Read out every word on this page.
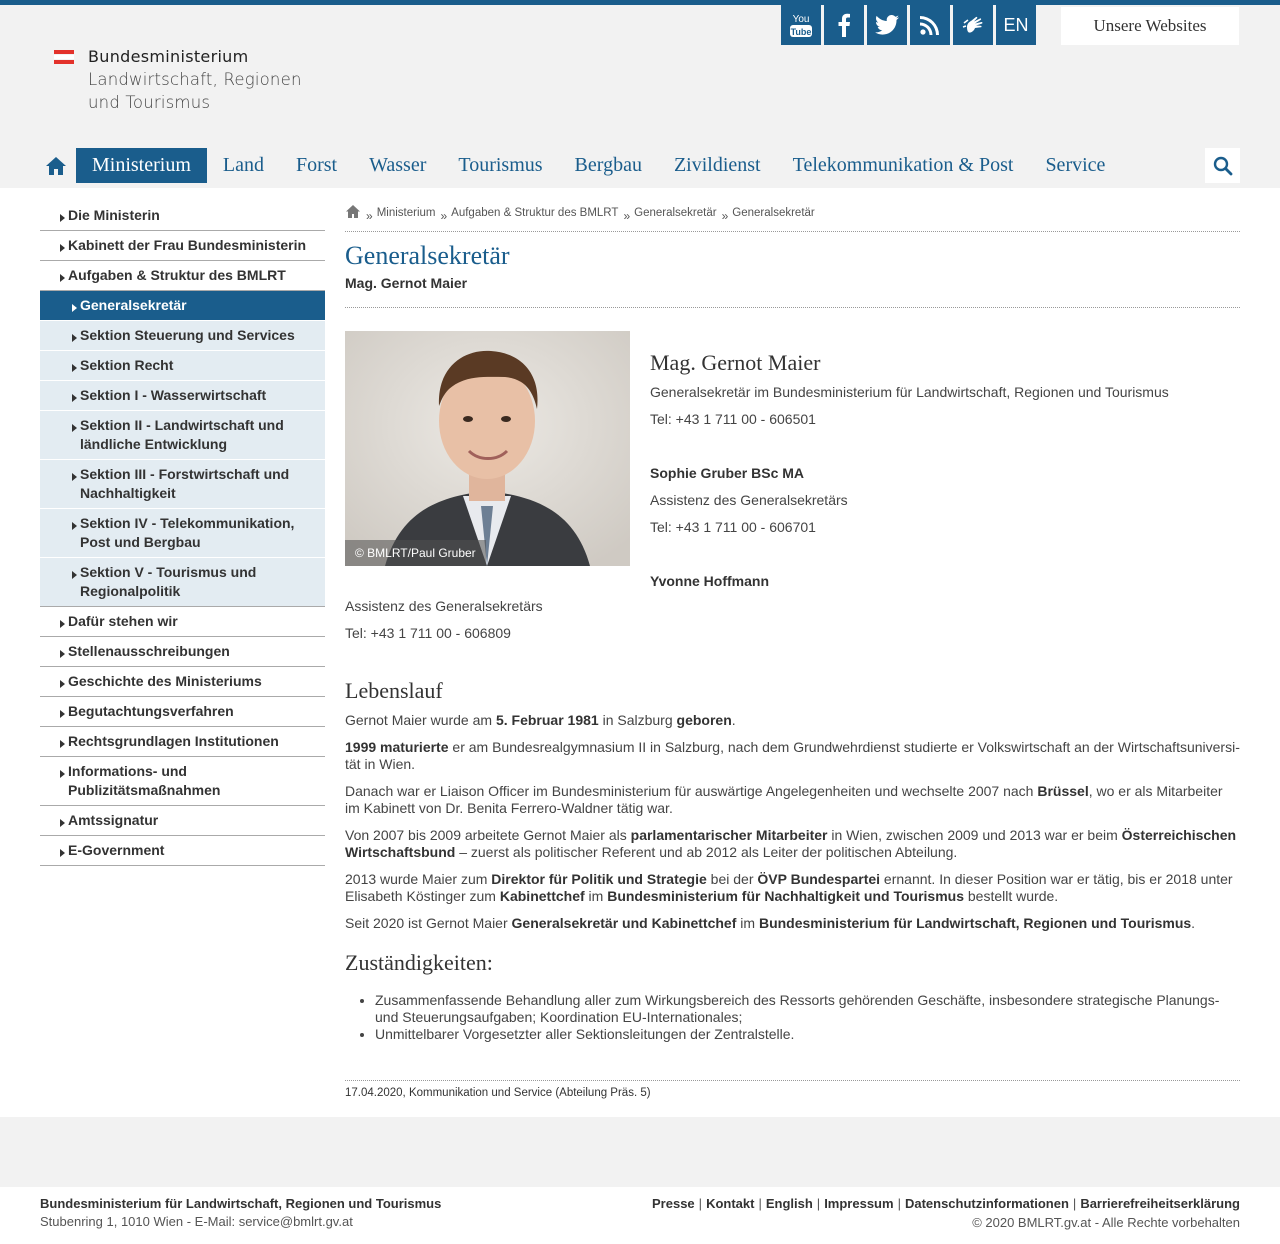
Bundesministerium
Landwirtschaft, Regionen
und Tourismus
You
Tube	EN	Unsere Websites
Ministerium	Land	Forst	Wasser	Tourismus	Bergbau	Zivildienst	Telekommunikation & Post	Service
Die Ministerin
Kabinett der Frau Bundesministerin
Aufgaben & Struktur des BMLRT
Generalsekretär
Sektion Steuerung und Services
Sektion Recht
Sektion I - Wasserwirtschaft
Sektion II - Landwirtschaft und ländliche Entwicklung
Sektion III - Forstwirtschaft und Nachhaltigkeit
Sektion IV - Telekommunikation, Post und Bergbau
Sektion V - Tourismus und Regionalpolitik
Dafür stehen wir
Stellenausschreibungen
Geschichte des Ministeriums
Begutachtungsverfahren
Rechtsgrundlagen Institutionen
Informations- und Publizitätsmaßnahmen
Amtssignatur
E-Government
» Ministerium » Aufgaben & Struktur des BMLRT » Generalsekretär » Generalsekretär
Generalsekretär
Mag. Gernot Maier
© BMLRT/Paul Gruber
Mag. Gernot Maier

Generalsekretär im Bundesministerium für Landwirtschaft, Regionen und Tourismus

Tel: +43 1 711 00 - 606501

Sophie Gruber BSc MA

Assistenz des Generalsekretärs

Tel: +43 1 711 00 - 606701

Yvonne Hoffmann

Assistenz des Generalsekretärs

Tel: +43 1 711 00 - 606809

Lebenslauf

Gernot Maier wurde am 5. Februar 1981 in Salzburg geboren.

1999 maturierte er am Bundesrealgymnasium II in Salzburg, nach dem Grundwehrdienst studierte er Volkswirtschaft an der Wirtschaftsuniversi-tät in Wien.

Danach war er Liaison Officer im Bundesministerium für auswärtige Angelegenheiten und wechselte 2007 nach Brüssel, wo er als Mitarbeiter im Kabinett von Dr. Benita Ferrero-Waldner tätig war.

Von 2007 bis 2009 arbeitete Gernot Maier als parlamentarischer Mitarbeiter in Wien, zwischen 2009 und 2013 war er beim Österreichischen Wirtschaftsbund – zuerst als politischer Referent und ab 2012 als Leiter der politischen Abteilung.

2013 wurde Maier zum Direktor für Politik und Strategie bei der ÖVP Bundespartei ernannt. In dieser Position war er tätig, bis er 2018 unter Elisabeth Köstinger zum Kabinettchef im Bundesministerium für Nachhaltigkeit und Tourismus bestellt wurde.

Seit 2020 ist Gernot Maier Generalsekretär und Kabinettchef im Bundesministerium für Landwirtschaft, Regionen und Tourismus.

Zuständigkeiten:
• Zusammenfassende Behandlung aller zum Wirkungsbereich des Ressorts gehörenden Geschäfte, insbesondere strategische Planungs- und Steuerungsaufgaben; Koordination EU-Internationales;
• Unmittelbarer Vorgesetzter aller Sektionsleitungen der Zentralstelle.
17.04.2020, Kommunikation und Service (Abteilung Präs. 5)
Bundesministerium für Landwirtschaft, Regionen und Tourismus
Stubenring 1, 1010 Wien - E-Mail: service@bmlrt.gv.at
Presse | Kontakt | English | Impressum | Datenschutzinformationen | Barrierefreiheitserklärung
© 2020 BMLRT.gv.at - Alle Rechte vorbehalten
